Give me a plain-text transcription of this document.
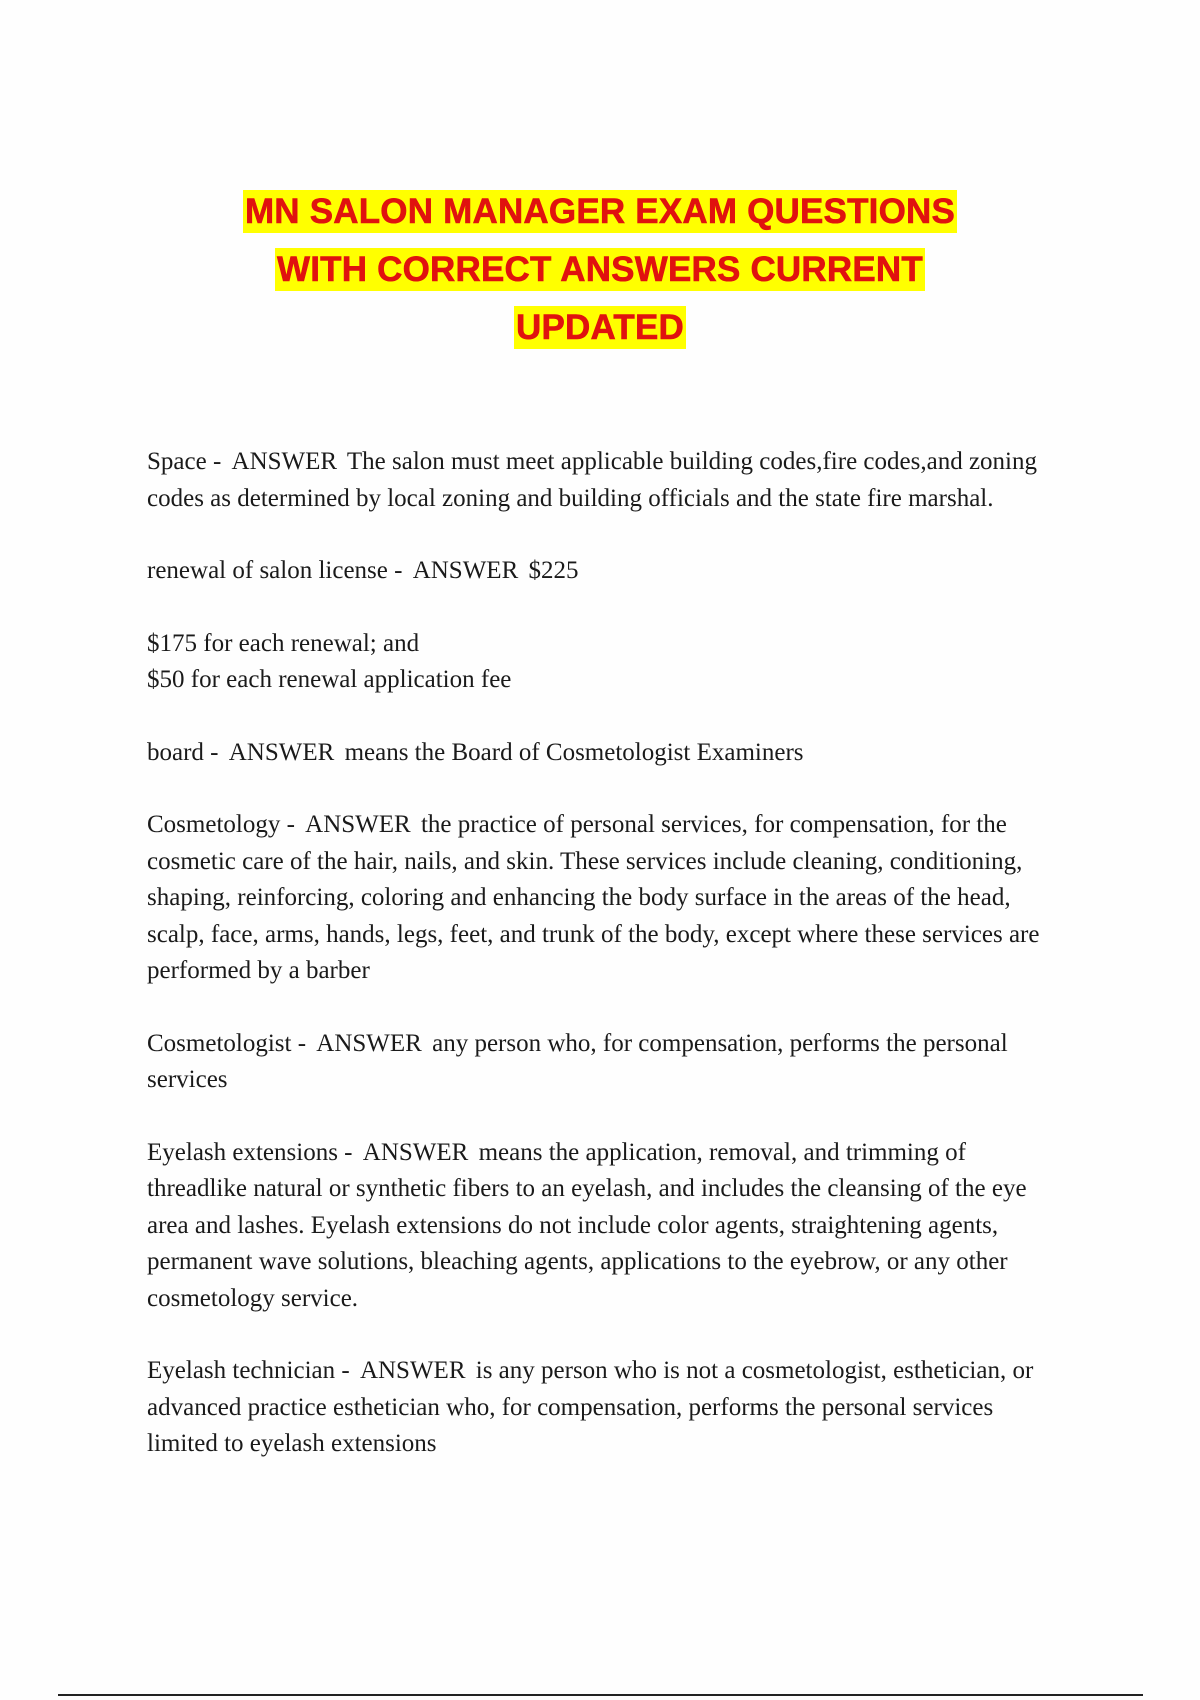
MN SALON MANAGER EXAM QUESTIONS
WITH CORRECT ANSWERS CURRENT
UPDATED
Space - ANSWER The salon must meet applicable building codes,fire codes,and zoning codes as determined by local zoning and building officials and the state fire marshal.
renewal of salon license - ANSWER $225
$175 for each renewal; and
$50 for each renewal application fee
board - ANSWER means the Board of Cosmetologist Examiners
Cosmetology - ANSWER the practice of personal services, for compensation, for the cosmetic care of the hair, nails, and skin. These services include cleaning, conditioning, shaping, reinforcing, coloring and enhancing the body surface in the areas of the head, scalp, face, arms, hands, legs, feet, and trunk of the body, except where these services are performed by a barber
Cosmetologist - ANSWER any person who, for compensation, performs the personal services
Eyelash extensions - ANSWER means the application, removal, and trimming of threadlike natural or synthetic fibers to an eyelash, and includes the cleansing of the eye area and lashes. Eyelash extensions do not include color agents, straightening agents, permanent wave solutions, bleaching agents, applications to the eyebrow, or any other cosmetology service.
Eyelash technician - ANSWER is any person who is not a cosmetologist, esthetician, or advanced practice esthetician who, for compensation, performs the personal services limited to eyelash extensions
